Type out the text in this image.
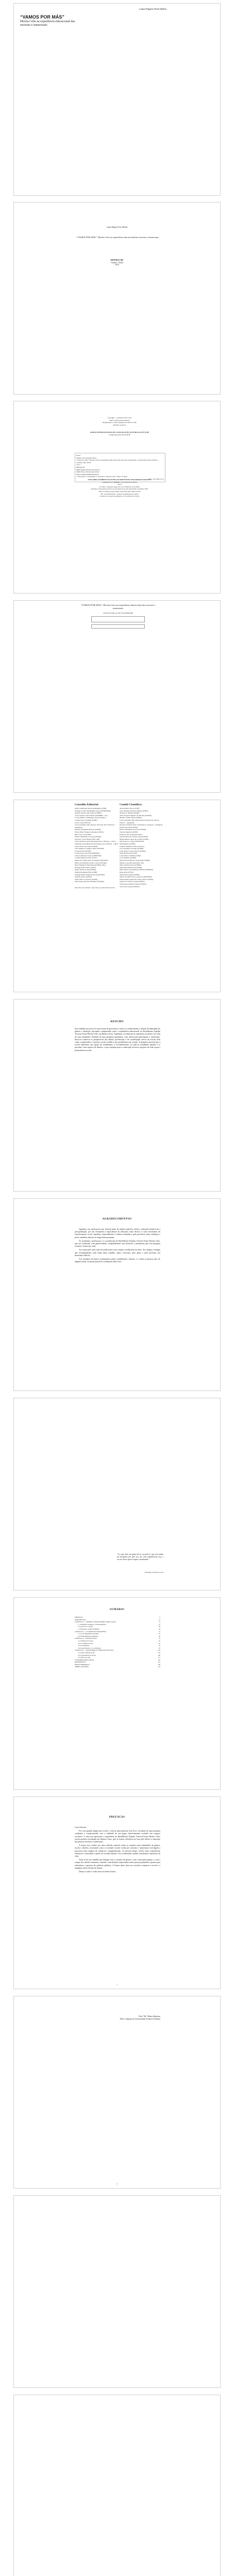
Luana Pagano Peres Molina
“VAMOS POR MÁS”
Mocha Celis na experiência educacional das travestis e transexuais
Luana Pagano Peres Molina
“VAMOS POR MÁS”: Mocha Celis na experiência educacional das travestis e transexuais
EDITORA CRV
Curitiba – Brasil
2018
Copyright © da Editora CRV Ltda.
Editor-chefe: Railson Moura
Diagramação e Capa: Designers da Editora CRV
Revisão: A Autora
DADOS INTERNACIONAIS DE CATALOGAÇÃO NA PUBLICAÇÃO (CIP)
CATALOGAÇÃO NA FONTE
M722
Molina, Luana Pagano Peres.
“Vamos por más”: Mocha Celis na experiência educacional das travestis e transexuais / Luana Pagano Peres Molina – Curitiba: CRV, 2018.
142 p.
Bibliografia
ISBN Digital 978-85-444-2544-6
ISBN Físico 978-85-444-2543-9
DOI 10.24824/978854442543.9
1. Educação 2. Transexuais 3. Travestis 4. Mocha Celis I. Título II. Série.
CDU 376 CDD 371.9
ESTA OBRA TAMBÉM ENCONTRA-SE DISPONÍVEL EM FORMATO DIGITAL.
CONHEÇA E COMPRE: www.editoracrv.com.br
2018
Foi feito o depósito legal conf. Lei 10.994 de 14/12/2004
Proibida a reprodução parcial ou total desta obra sem autorização da Editora CRV
Todos os direitos desta edição reservados pela: Editora CRV
Tel.: (41) 3039-6418 – E-mail: sac@editoracrv.com.br
Conheça os nossos lançamentos: www.editoracrv.com.br
“VAMOS POR MÁS”: Mocha Celis na experiência educacional das travestis e transexuais
COLEÇÃO EDUCAÇÃO E DIVERSIDADE
Conselho Editorial:	Comitê Científico:
Aldira Guimarães Duarte Domínguez (UNB)
Andréia da Silva Quintanilha Sousa (UNIR/UFRN)
Antônio Pereira Gaio Júnior (UFRRJ)
Carlos Alberto Vilar Estêvão (UMINHO – PT)
Carlos Federico Dominguez Avila (Unieuro)
Carmen Tereza Velanga (UNIR)
Celso Conti (UFSCar)
Cesar Gerónimo Tello (Univer. Nacional Três de Febrero – Argentina)
Eduardo Fernandes Barbosa (UFMG)
Elione Maria Nogueira Diogenes (UFAL)
Élsio José Corá (UFFS)
Elizeu Clementino de Souza (UNEB)
Francisco Carlos Duarte (PUC-PR)
Gloria Fariñas León (Universidade de La Havana – Cuba)
Guillermo Arias Beatón (Universidade de La Havana – Cuba)
Jailson Alves dos Santos (UFRJ)
João Adalberto Campato Junior (UNESP)
Josania Portela (UFPI)
Leonel Severo Rocha (UNISINOS)
Lídia de Oliveira Xavier (UNIEURO)
Lourdes Helena da Silva (UFV)
Maria de Lourdes Pinto de Almeida (UNOESC)
Maria Lília Imbiriba Sousa Colares (UFOPA)
Paulo Romualdo Hernandes (UNIFAL-MG)
Rodrigo Pratte-Santos (UFES)
Sérgio Nunes de Jesus (IFRO)
Simone Rodrigues Pinto (UNB)
Solange Helena Ximenes-Rocha (UFOPA)
Sydione Santos (UEPG)
Tadeu Oliver Gonçalves (UFPA)
Tania Suely Azevedo Brasileiro (UFOPA)
Altair Alberto Fávero (UPF)
Ana Chrystina Venancio Mignot (UERJ)
Andréia N. Militão (UEMS)
Anna Augusta Sampaio de Oliveira (UNESP)
Barbara Coelho Neves (UFBA)
Cesar Gerónimo Tello (Universidad Nacional de Três de Febrero – Argentina)
Diosnel Centurion (Univ Autónoma de Asunción – Paraguai)
Eliane Rose Maio (UEM)
Elizeu Clementino de Souza (UNEB)
Fauston Negreiros (UFPI)
Francisco Ari de Andrade (UFC)
Gláucia Maria dos Santos Jorge (UFOP)
Helder Buenos Aires de Carvalho (UFPI)
Ilma Passos A. Veiga (UNICEUB)
Inês Bragança (UERJ)
Jadilson Marinho da Silva (UFCG)
Joao Fernando de Araujo (UNEB)
Jorge Alberto Lago Fonseca (UFMA)
Kátia Maria Abud (USP)
Lucia Maria Gil Bittar (UEM)
Lucia Pinheiro (UFPB)
Maria Eurácia Barreto de Andrade (UFRB)
Marília Costa Morosini (PUC-RS)
Marta Teixeira Neves (UFMG)
Olga Maria Bittencourt (UFPB)
Otilia Maria Lucia Barbosa Seiffert (UNIFESP)
Rene Alves (UFSC)
Sabrina Plá Sandini (UFPR)
Salete de Fatima Noro Cordeiro (UNIOESTE)
Silvana Maria Aparecida Viana Santos (UFMA)
Suzana dos Santos Gomes (UFMG)
Vânia Alves Martins Chaigar (FURG)
Vera Lucia Gaspar (UDESC)
Este livro foi avaliado e aprovado por pareceristas ad hoc.
RESUMO
Este trabalho procurou ser uma forma de aproximar e trazer ao conhecimento o debate de identidade de gênero e educação, buscando compreender como a experiência educacional no Bachillerato Popular Travesti-Trans Mocha Celis, em Buenos Aires, Argentina, se relaciona às trajetórias escolares e de vida de suas estudantes. Partindo de uma pesquisa qualitativa, com observação participante e entrevistas, busca-se conhecer as perspectivas das alunas, professoras e da coordenação acerca da escola, bem como compreender o contexto social e político que possibilitou sua criação. A pesquisa mostrou que a escola representa um espaço de acolhimento e reconhecimento, no qual as estudantes passam a se perceber como sujeitos de direitos, o que contribui para a construção de novos projetos de vida e para a permanência escolar.
AGRADECIMENTOS

Agradeço aos professores que fizeram parte da minha trajetória, desde a educação infantil até a pós-graduação, por me ensinarem a importância da educação como direito e como ferramenta de transformação social. Agradeço especialmente à minha orientadora, pela paciência, pela confiança e pelos caminhos abertos ao longo desta pesquisa.

Às estudantes, professoras e à coordenação do Bachillerato Popular Travesti-Trans Mocha Celis, que me receberam com generosidade, compartilharam suas histórias e permitiram que esta pesquisa existisse. Vamos por más.

Aos meus pais, pelo amor incondicional e por sempre acreditarem em mim. Aos amigos e amigas que acompanharam cada etapa deste trabalho, pelas conversas, pelo apoio e pela presença nos momentos difíceis.

Aos membros da banca examinadora, pelas contribuições valiosas, e a todas as pessoas que, de alguma forma, tornaram possível a realização deste livro.

“Lo que más me gusta de la escuela es que acá nadie me pregunta por qué soy así. Acá simplemente soy, y eso me hace querer seguir estudiando.”
Estudante da Mocha Celis
SUMÁRIO
PREFÁCIO	9
INTRODUÇÃO	13
CAPÍTULO 1 – GÊNERO, SEXUALIDADE E EDUCAÇÃO	21
1.1 Identidade de gênero e transexualidade	21
1.2 A escola e a norma	29
1.3 Educação e direitos humanos	35
CAPÍTULO 2 – O CONTEXTO ARGENTINO	41
2.1 Lei de Identidade de Gênero	41
2.2 Os Bachilleratos Populares	49
CAPÍTULO 3 – MOCHA CELIS	57
3.1 A história da escola	57
3.2 O cotidiano escolar	67
3.3 As estudantes	79
3.4 As professoras e a coordenação	91
CAPÍTULO 4 – TRAJETÓRIAS E PROJETOS DE VIDA	101
4.1 Antes da Mocha Celis	101
4.2 A experiência na escola	109
4.3 Vamos por más	117
CONSIDERAÇÕES FINAIS	125
REFERÊNCIAS	131
ÍNDICE REMISSIVO	139
SOBRE A AUTORA	141
PREFÁCIO

Caros leitores,

Foi com grande alegria que recebi o convite para prefaciar este livro, resultado de uma pesquisa cuidadosa e comprometida com a realidade de um grupo historicamente excluído dos espaços escolares. A obra nos apresenta a experiência do Bachillerato Popular Travesti-Trans Mocha Celis, escola pioneira localizada em Buenos Aires, que se tornou referência na luta pelo direito à educação das pessoas travestis e transexuais.

A autora nos conduz por uma reflexão sensível sobre as relações entre identidade de gênero, escola e direitos, mostrando como a exclusão escolar vivida por travestis e transexuais está ligada a processos mais amplos de violência e marginalização. Ao mesmo tempo, revela como experiências educativas construídas a partir do reconhecimento e do acolhimento podem transformar trajetórias de vida.

Trata-se de um trabalho que dialoga com os estudos de gênero, com a educação popular e com o campo dos direitos humanos, trazendo contribuições importantes tanto para pesquisadores quanto para educadores e gestores de políticas públicas. A leitura desta obra nos convida a repensar a escola e a imaginar outras formas de educar.

Desejo a todos e todas uma excelente leitura.

9
Prof.ª Dr.ª Marta Barbosa
Profa. Adjunta da Universidade Federal da Bahia
10
